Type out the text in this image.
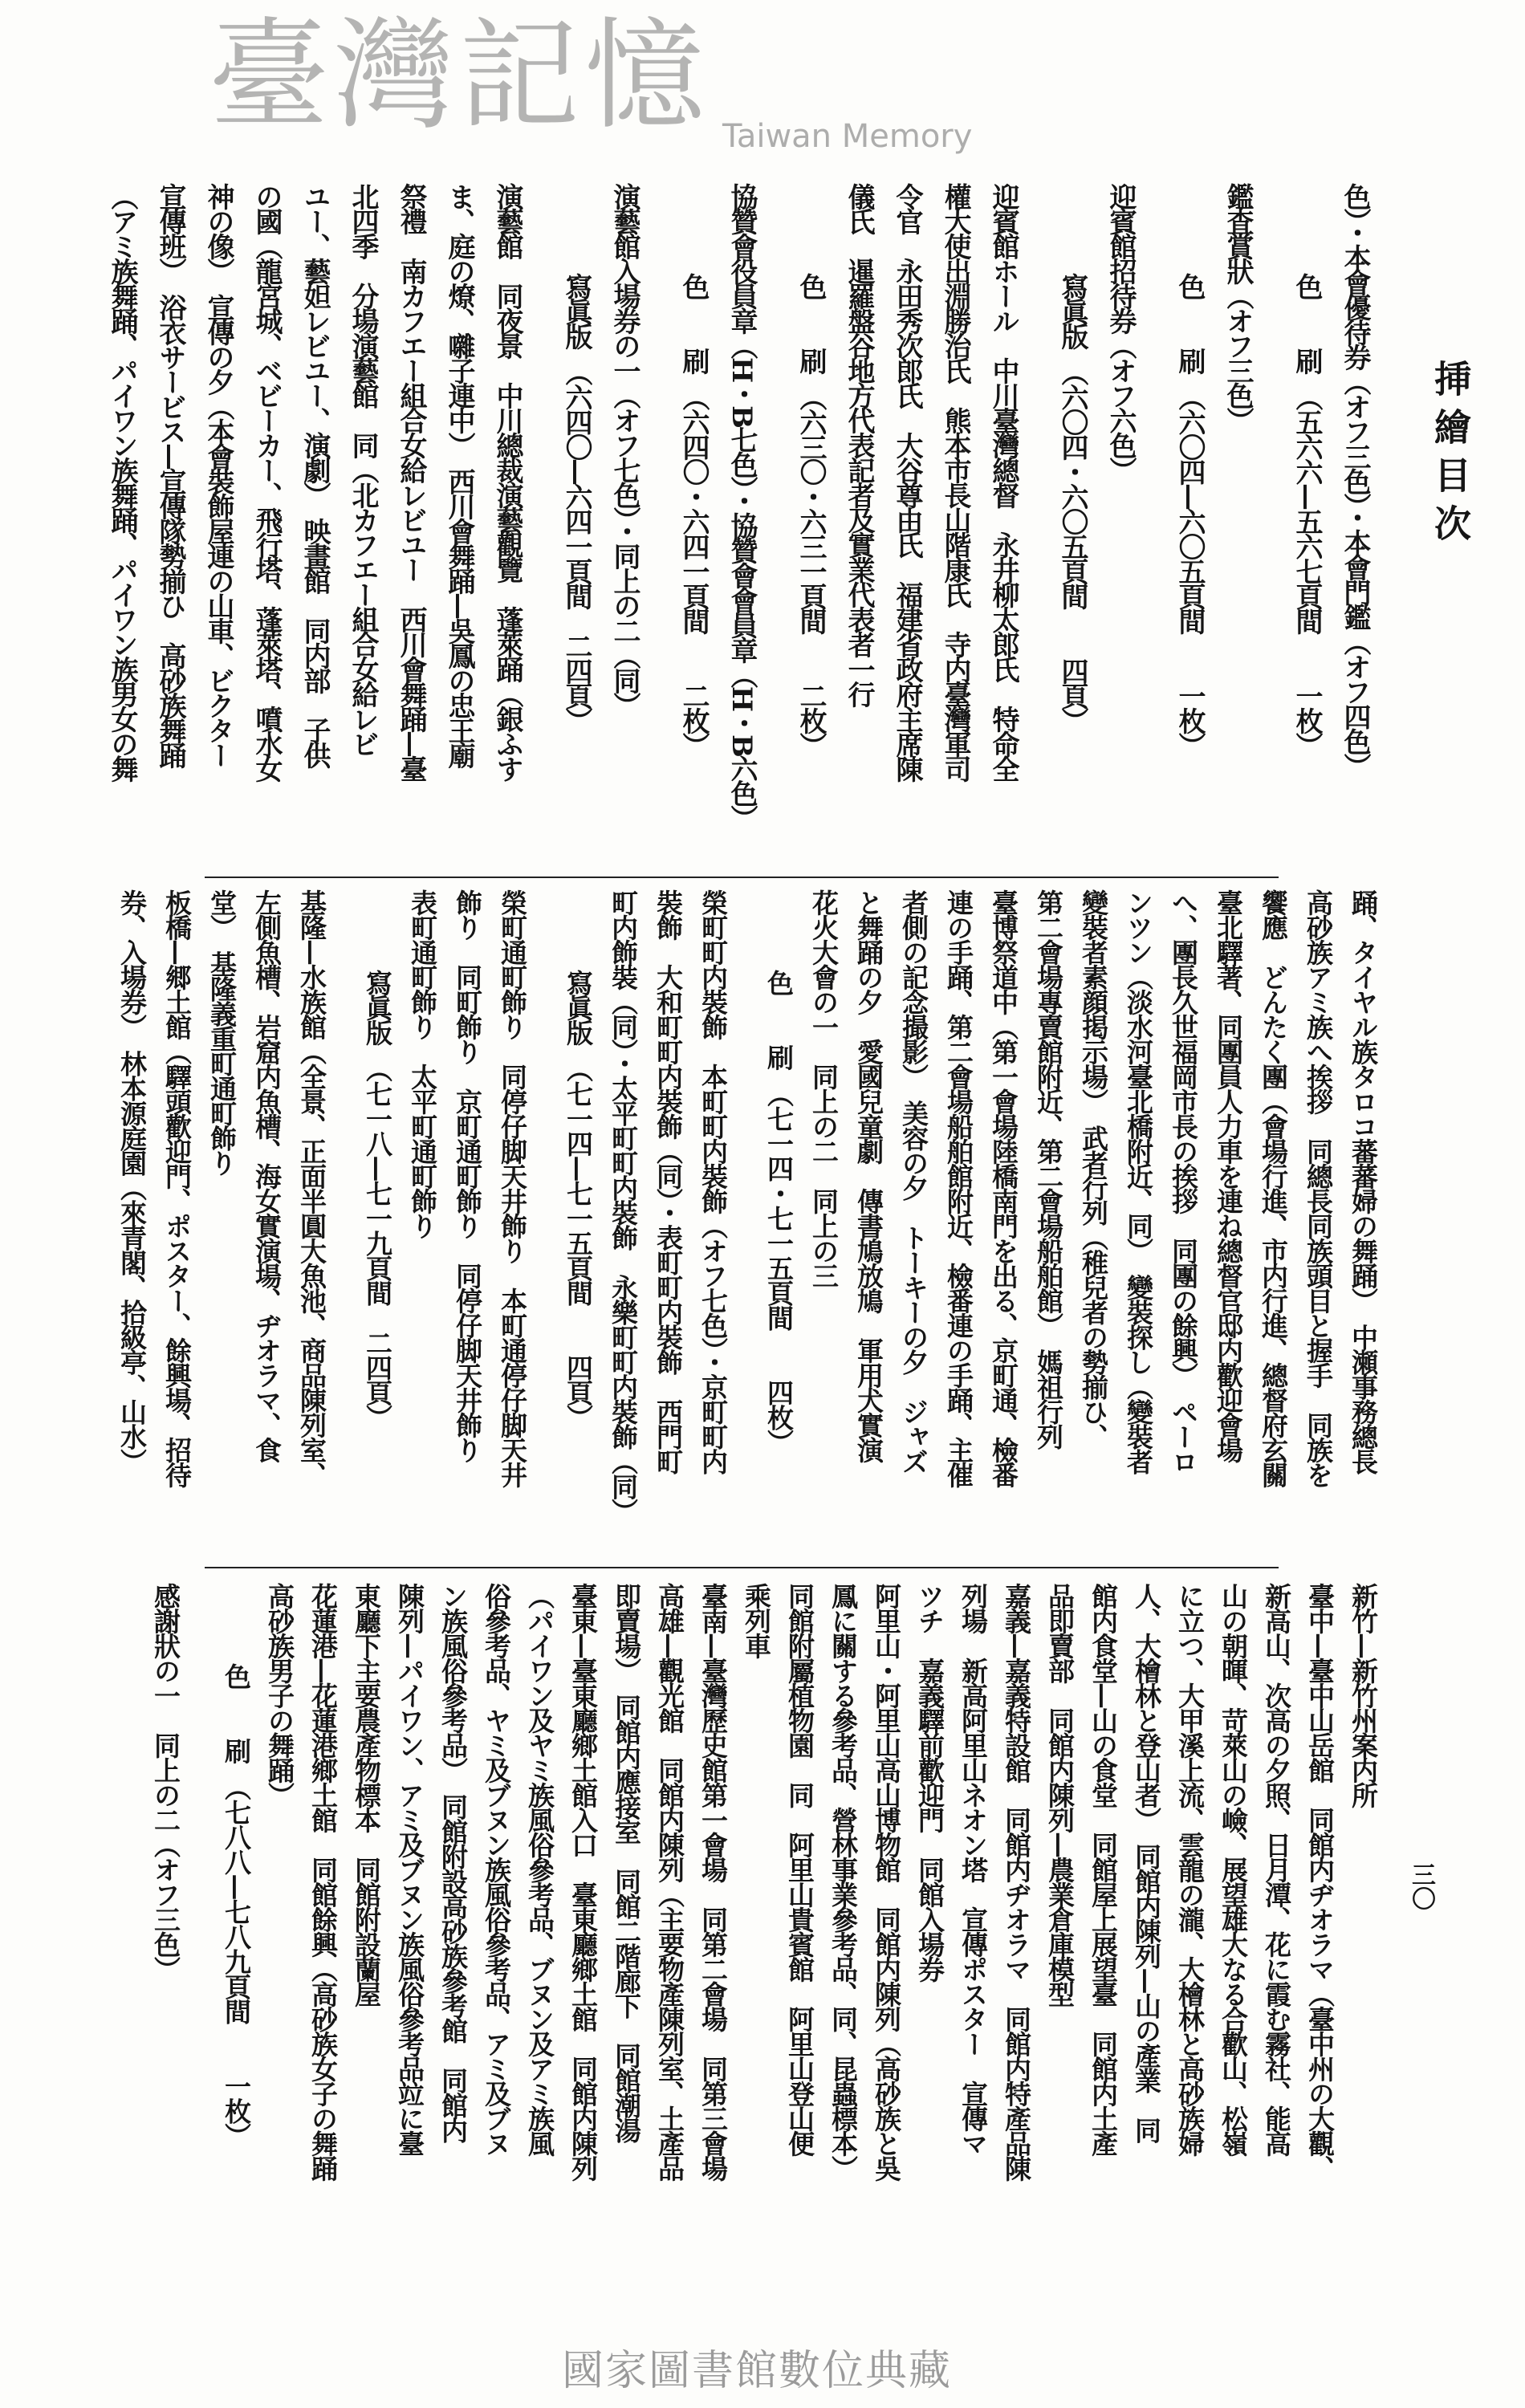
挿繪目次
色）・本會優待券（オフ三色）・本會門鑑（オフ四色）
色　　刷　（五六六—五六七頁間　　一枚）
鑑査賞狀（オフ三色）
色　　刷　（六〇四—六〇五頁間　　一枚）
迎賓館招待券（オフ六色）
寫眞版　（六〇四・六〇五頁間　　四頁）
迎賓館ホール　中川臺灣總督　永井柳太郎氏　特命全
權大使出淵勝治氏　熊本市長山階康氏　寺内臺灣軍司
令官　永田秀次郎氏　大谷尊由氏　福建省政府主席陳
儀氏　暹羅盤谷地方代表記者及實業代表者一行
色　　刷　（六三〇・六三一頁間　　二枚）
協贊會役員章（H・B七色）・協贊會會員章（H・B六色）
色　　刷　（六四〇・六四一頁間　　二枚）
演藝館入場券の一（オフ七色）・同上の二（同）
寫眞版　（六四〇—六四一頁間　二四頁）
演藝館　同夜景　中川總裁演藝觀覽　蓬萊踊（銀ふす
ま、庭の燎、囃子連中）　西川會舞踊—吳鳳の忠王廟
祭禮　南カフエー組合女給レビユー　西川會舞踊—臺
北四季　分場演藝館　同（北カフエー組合女給レビ
ユー、藝妲レビユー、演劇）　映畫館　同内部　子供
の國（龍宮城、ベビーカー、飛行塔、蓬萊塔、噴水女
神の像）　宣傳の夕（本會裝飾屋連の山車、ビクター
宣傳班）　浴衣サービス—宣傳隊勢揃ひ　高砂族舞踊
（アミ族舞踊、パイワン族舞踊、パイワン族男女の舞
踊、タイヤル族タロコ蕃蕃婦の舞踊）　中瀬事務總長
高砂族アミ族へ挨拶　同總長同族頭目と握手　同族を
饗應　どんたく團（會場行進、市内行進、總督府玄關
臺北驛著、同團員人力車を連ね總督官邸内歡迎會場
へ、團長久世福岡市長の挨拶　同團の餘興）　ペーロ
ンツン（淡水河臺北橋附近、同）　變裝探し（變裝者
變裝者素顔掲示場）　武者行列（稚兒者の勢揃ひ、
第二會場專賣館附近、第二會場船舶館）　媽祖行列
臺博祭道中（第一會場陸橋南門を出る、京町通、檢番
連の手踊、第二會場船舶館附近、檢番連の手踊、主催
者側の記念撮影）　美容の夕　トーキーの夕　ジャズ
と舞踊の夕　愛國兒童劇　傳書鳩放鳩　軍用犬實演
花火大會の一　同上の二　同上の三
色　　刷　（七一四・七一五頁間　　四枚）
榮町町内裝飾　本町町内裝飾（オフ七色）・京町町内
裝飾　大和町町内裝飾（同）・表町町内裝飾　西門町
町内飾裝（同）・太平町町内裝飾　永樂町町内裝飾（同）
寫眞版　（七一四—七一五頁間　　四頁）
榮町通町飾り　同停仔脚天井飾り　本町通停仔脚天井
飾り　同町飾り　京町通町飾り　同停仔脚天井飾り
表町通町飾り　太平町通町飾り
寫眞版　（七一八—七一九頁間　二四頁）
基隆—水族館（全景、正面半圓大魚池、商品陳列室、
左側魚槽、岩窟内魚槽、海女實演場、ヂオラマ、食
堂）　基隆義重町通町飾り
板橋—郷土館（驛頭歡迎門、ポスター、餘興場、招待
券、入場券）　林本源庭園（來青閣、拾級亭、山水）
新竹—新竹州案内所
臺中—臺中山岳館　同館内ヂオラマ（臺中州の大觀、
新高山、次高の夕照、日月潭、花に霞む霧社、能高
山の朝暉、苛萊山の嶮、展望雄大なる合歡山、松嶺
に立つ、大甲溪上流、雲龍の瀧、大檜林と高砂族婦
人、大檜林と登山者）　同館内陳列—山の產業　同
館内食堂—山の食堂　同館屋上展望臺　同館内土產
品即賣部　同館内陳列—農業倉庫模型
嘉義—嘉義特設館　同館内ヂオラマ　同館内特產品陳
列場　新高阿里山ネオン塔　宣傳ポスター　宣傳マ
ツチ　嘉義驛前歡迎門　同館入場券
阿里山・阿里山高山博物館　同館内陳列（高砂族と吳
鳳に關する參考品、營林事業參考品、同、昆蟲標本）
同館附屬植物園　同　阿里山貴賓館　阿里山登山便
乘列車
臺南—臺灣歷史館第一會場　同第二會場　同第三會場
高雄—觀光館　同館内陳列（主要物產陳列室、土產品
即賣場）　同館内應接室　同館二階廊下　同館潮湯
臺東—臺東廳鄉土館入口　臺東廳鄉土館　同館内陳列
（パイワン及ヤミ族風俗參考品、ブヌン及アミ族風
俗參考品、ヤミ及ブヌン族風俗參考品、アミ及ブヌ
ン族風俗參考品）　同館附設高砂族參考館　同館内
陳列—パイワン、アミ及ブヌン族風俗參考品竝に臺
東廳下主要農產物標本　同館附設蘭屋
花蓮港—花蓮港鄉土館　同館餘興（高砂族女子の舞踊
高砂族男子の舞踊）
色　　刷　（七八八—七八九頁間　　一枚）
感謝狀の一　同上の二（オフ三色）	三〇
臺灣記憶 Taiwan Memory
國家圖書館數位典藏
